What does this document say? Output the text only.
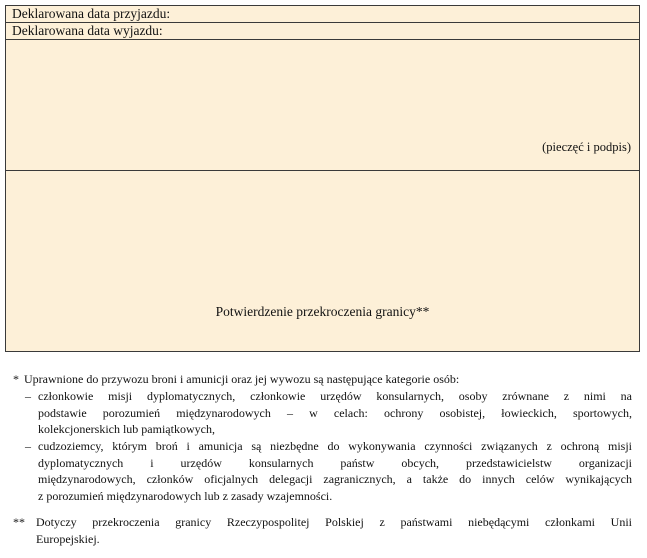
Deklarowana data przyjazdu:
Deklarowana data wyjazdu:
(pieczęć i podpis)
Potwierdzenie przekroczenia granicy**
* Uprawnione do przywozu broni i amunicji oraz jej wywozu są następujące kategorie osób:
– członkowie misji dyplomatycznych, członkowie urzędów konsularnych, osoby zrównane z nimi na
podstawie porozumień międzynarodowych – w celach: ochrony osobistej, łowieckich, sportowych,
kolekcjonerskich lub pamiątkowych,
– cudzoziemcy, którym broń i amunicja są niezbędne do wykonywania czynności związanych z ochroną misji
dyplomatycznych i urzędów konsularnych państw obcych, przedstawicielstw organizacji
międzynarodowych, członków oficjalnych delegacji zagranicznych, a także do innych celów wynikających
z porozumień międzynarodowych lub z zasady wzajemności.
** Dotyczy przekroczenia granicy Rzeczypospolitej Polskiej z państwami niebędącymi członkami Unii
Europejskiej.
